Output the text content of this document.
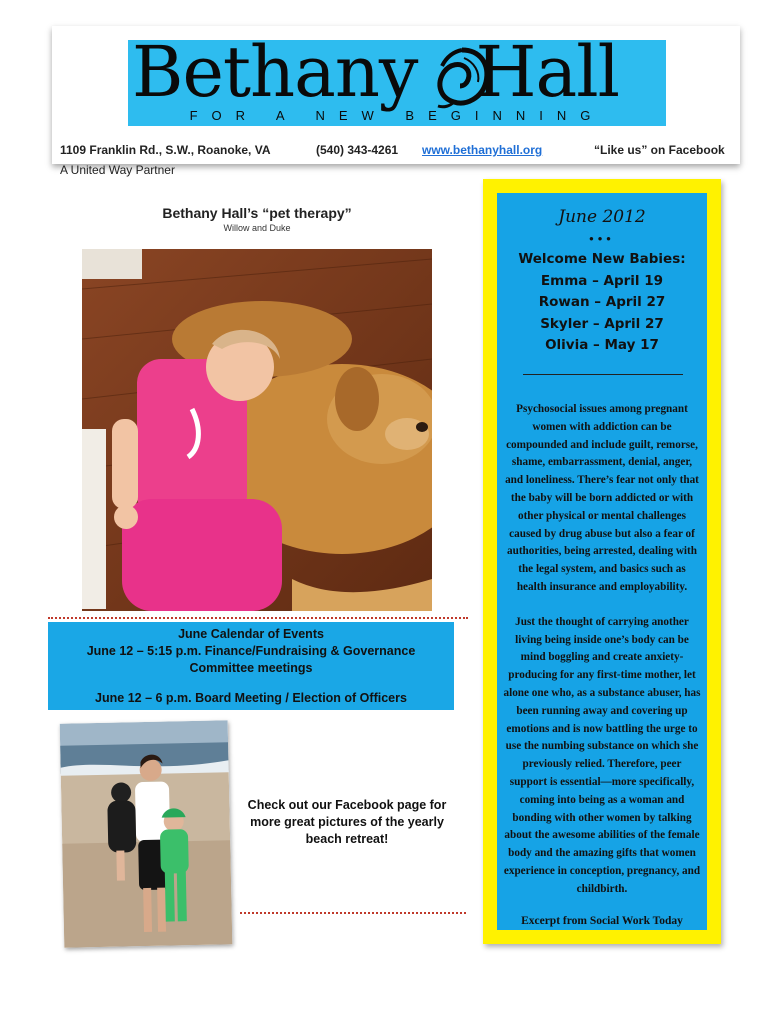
Bethany Hall
FOR A NEW BEGINNING
1109 Franklin Rd., S.W., Roanoke, VA	(540) 343-4261 www.bethanyhall.org	“Like us” on Facebook
A United Way Partner
Bethany Hall’s “pet therapy”
Willow and Duke
June Calendar of Events
June 12 – 5:15 p.m. Finance/Fundraising & Governance Committee meetings
June 12 – 6 p.m. Board Meeting / Election of Officers
Check out our Facebook page for more great pictures of the yearly beach retreat!
June 2012
•••
Welcome New Babies:
Emma – April 19
Rowan – April 27
Skyler – April 27
Olivia – May 17

Psychosocial issues among pregnant women with addiction can be compounded and include guilt, remorse, shame, embarrassment, denial, anger, and loneliness. There’s fear not only that the baby will be born addicted or with other physical or mental challenges caused by drug abuse but also a fear of authorities, being arrested, dealing with the legal system, and basics such as health insurance and employability.

Just the thought of carrying another living being inside one’s body can be mind boggling and create anxiety-producing for any first-time mother, let alone one who, as a substance abuser, has been running away and covering up emotions and is now battling the urge to use the numbing substance on which she previously relied. Therefore, peer support is essential—more specifically, coming into being as a woman and bonding with other women by talking about the awesome abilities of the female body and the amazing gifts that women experience in conception, pregnancy, and childbirth.

Excerpt from Social Work Today
